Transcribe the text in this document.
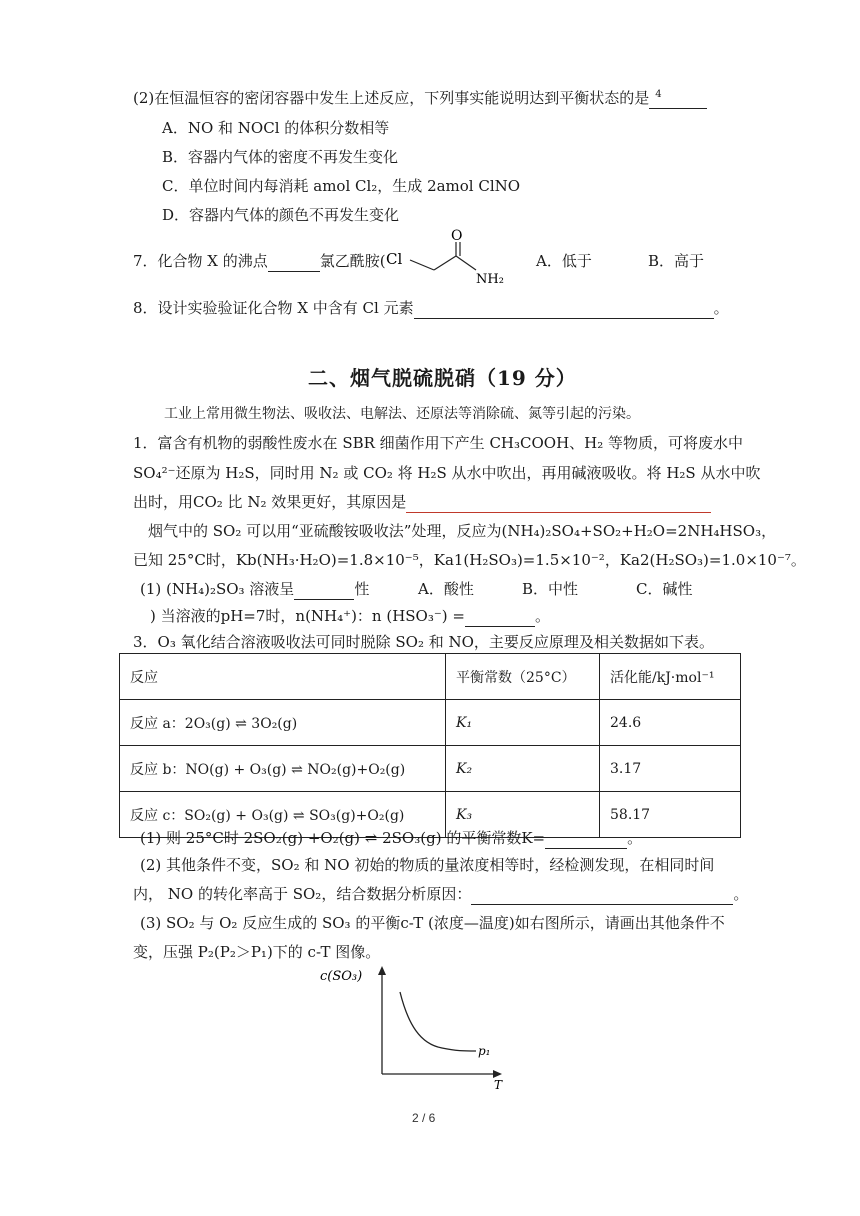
(2)在恒温恒容的密闭容器中发生上述反应，下列事实能说明达到平衡状态的是 4
A．NO 和 NOCl 的体积分数相等
B．容器内气体的密度不再发生变化
C．单位时间内每消耗 amol Cl₂，生成 2amol ClNO
D．容器内气体的颜色不再发生变化
7．化合物 X 的沸点	氯乙酰胺( Cl
O
NH₂
A．低于	B．高于
8．设计实验验证化合物 X 中含有 Cl 元素	。
二、烟气脱硫脱硝（19 分）
工业上常用微生物法、吸收法、电解法、还原法等消除硫、氮等引起的污染。
1．富含有机物的弱酸性废水在 SBR 细菌作用下产生 CH₃COOH、H₂ 等物质，可将废水中
SO₄²⁻还原为 H₂S，同时用 N₂ 或 CO₂ 将 H₂S 从水中吹出，再用碱液吸收。将 H₂S 从水中吹
出时，用CO₂ 比 N₂ 效果更好，其原因是
烟气中的 SO₂ 可以用“亚硫酸铵吸收法”处理，反应为(NH₄)₂SO₄+SO₂+H₂O=2NH₄HSO₃，
已知 25°C时，Kb(NH₃·H₂O)=1.8×10⁻⁵，Ka1(H₂SO₃)=1.5×10⁻²，Ka2(H₂SO₃)=1.0×10⁻⁷。
(1) (NH₄)₂SO₃ 溶液呈	性	A．酸性	B．中性	C．碱性
) 当溶液的pH=7时，n(NH₄⁺)：n (HSO₃⁻) =	。
3．O₃ 氧化结合溶液吸收法可同时脱除 SO₂ 和 NO，主要反应原理及相关数据如下表。
反应	平衡常数（25°C）	活化能/kJ·mol⁻¹
反应 a：2O₃(g) ⇌ 3O₂(g)	K₁	24.6
反应 b：NO(g) + O₃(g) ⇌ NO₂(g)+O₂(g)	K₂	3.17
反应 c：SO₂(g) + O₃(g) ⇌ SO₃(g)+O₂(g)	K₃	58.17
(1) 则 25°C时 2SO₂(g) +O₂(g) ⇌ 2SO₃(g) 的平衡常数K=	。
(2) 其他条件不变，SO₂ 和 NO 初始的物质的量浓度相等时，经检测发现，在相同时间
内， NO 的转化率高于 SO₂，结合数据分析原因：	。
(3) SO₂ 与 O₂ 反应生成的 SO₃ 的平衡c-T (浓度—温度)如右图所示，请画出其他条件不
变，压强 P₂(P₂＞P₁)下的 c-T 图像。
c(SO₃)
p₁
T
2 / 6
